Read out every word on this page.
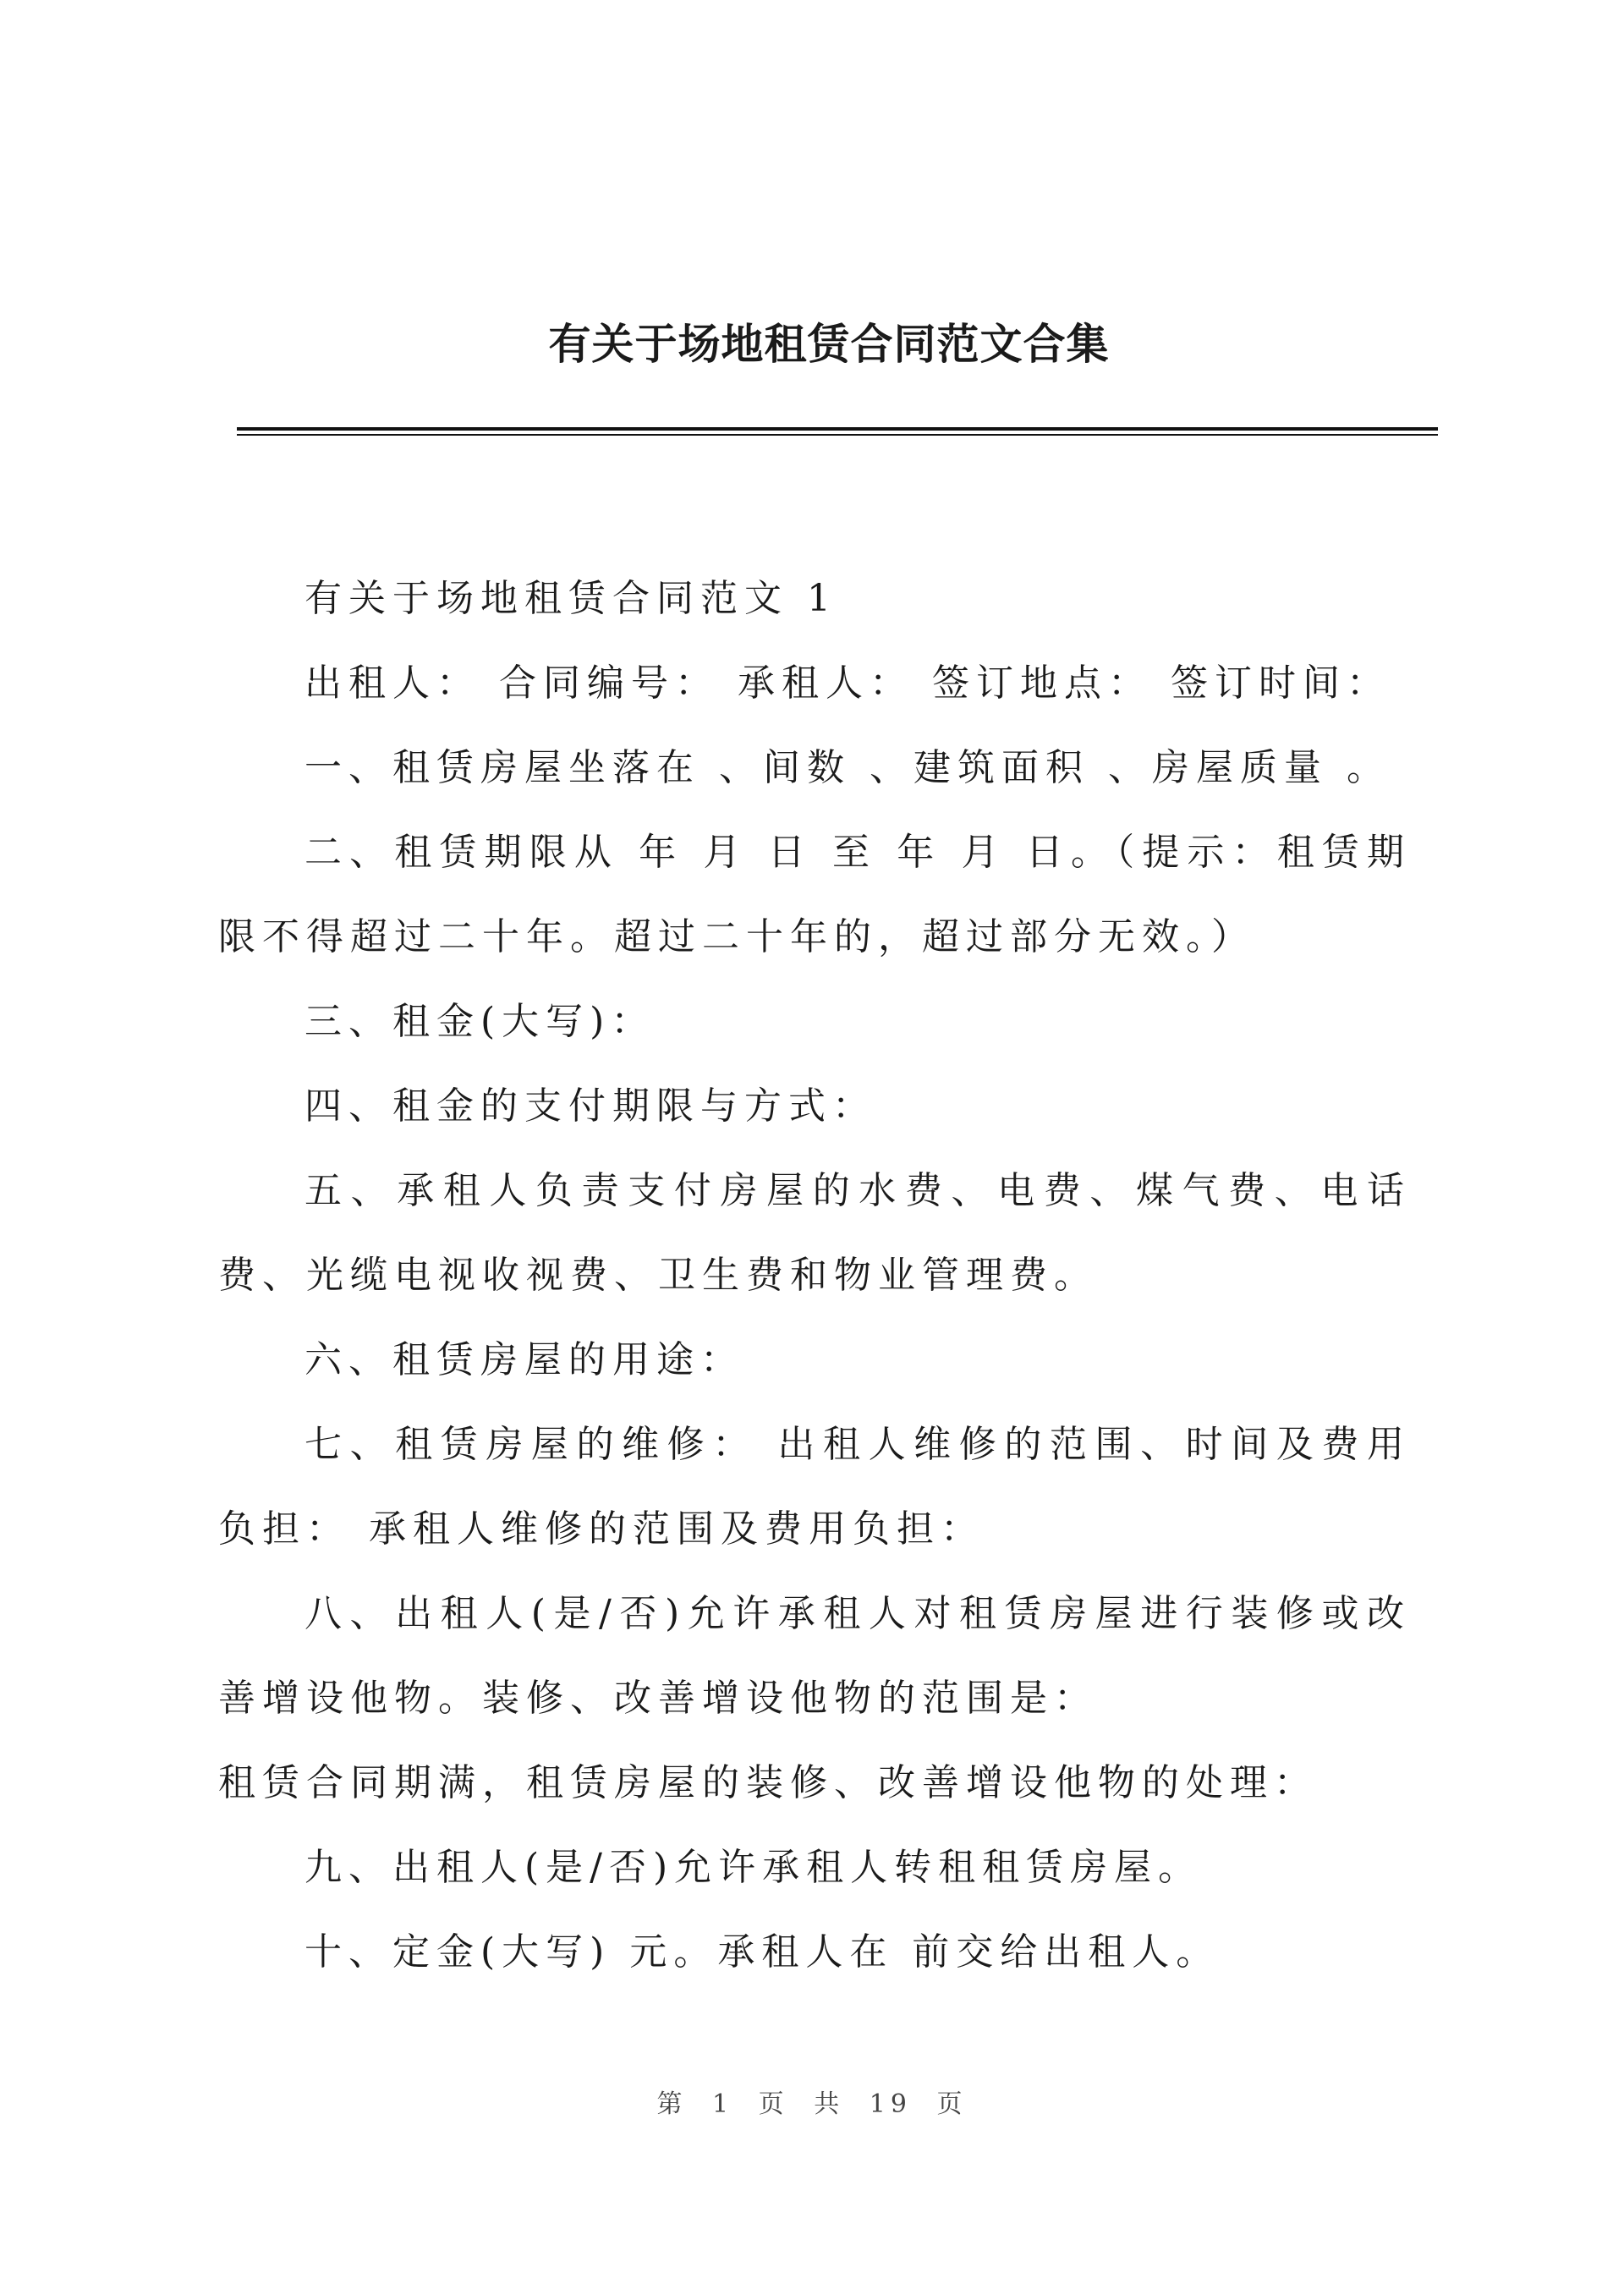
有关于场地租赁合同范文合集

有关于场地租赁合同范文 1

出租人： 合同编号： 承租人： 签订地点： 签订时间：

一、租赁房屋坐落在 、间数 、建筑面积 、房屋质量 。

二、租赁期限从 年 月 日 至 年 月 日。（提示：租赁期限不得超过二十年。超过二十年的，超过部分无效。）

三、租金(大写)：

四、租金的支付期限与方式：

五、承租人负责支付房屋的水费、电费、煤气费、电话费、光缆电视收视费、卫生费和物业管理费。

六、租赁房屋的用途：

七、租赁房屋的维修： 出租人维修的范围、时间及费用负担： 承租人维修的范围及费用负担：

八、出租人(是/否)允许承租人对租赁房屋进行装修或改善增设他物。装修、改善增设他物的范围是：

租赁合同期满，租赁房屋的装修、改善增设他物的处理：

九、出租人(是/否)允许承租人转租租赁房屋。

十、定金(大写) 元。承租人在 前交给出租人。

第 1 页 共 19 页
